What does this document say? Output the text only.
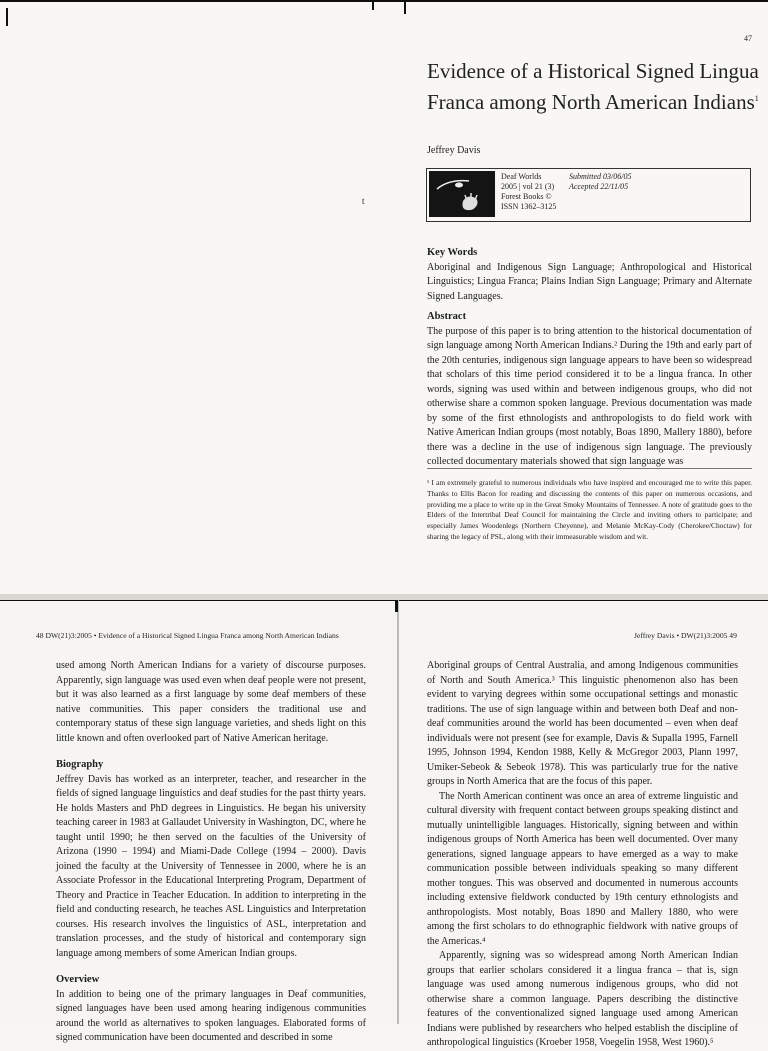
47
Evidence of a Historical Signed Lingua
Franca among North American Indians$^1$
Jeffrey Davis
t
Deaf Worlds
2005 | vol 21 (3)
Forest Books ©
ISSN 1362–3125
Submitted 03/06/05
Accepted 22/11/05
Key Words
Aboriginal and Indigenous Sign Language; Anthropological and Historical Linguistics; Lingua Franca; Plains Indian Sign Language; Primary and Alternate Signed Languages.
Abstract
The purpose of this paper is to bring attention to the historical documentation of sign language among North American Indians.² During the 19th and early part of the 20th centuries, indigenous sign language appears to have been so widespread that scholars of this time period considered it to be a lingua franca. In other words, signing was used within and between indigenous groups, who did not otherwise share a common spoken language. Previous documentation was made by some of the first ethnologists and anthropologists to do field work with Native American Indian groups (most notably, Boas 1890, Mallery 1880), before there was a decline in the use of indigenous sign language. The previously collected documentary materials showed that sign language was
¹ I am extremely grateful to numerous individuals who have inspired and encouraged me to write this paper. Thanks to Ellis Bacon for reading and discussing the contents of this paper on numerous occasions, and providing me a place to write up in the Great Smoky Mountains of Tennessee. A note of gratitude goes to the Elders of the Intertribal Deaf Council for maintaining the Circle and inviting others to participate; and especially James Woodenlegs (Northern Cheyenne), and Melanie McKay-Cody (Cherokee/Choctaw) for sharing the legacy of PSL, along with their immeasurable wisdom and wit.
48 DW(21)3:2005 • Evidence of a Historical Signed Lingua Franca among North American Indians	Jeffrey Davis • DW(21)3:2005 49

used among North American Indians for a variety of discourse purposes. Apparently, sign language was used even when deaf people were not present, but it was also learned as a first language by some deaf members of these native communities. This paper considers the traditional use and contemporary status of these sign language varieties, and sheds light on this little known and often overlooked part of Native American heritage.

Biography

Jeffrey Davis has worked as an interpreter, teacher, and researcher in the fields of signed language linguistics and deaf studies for the past thirty years. He holds Masters and PhD degrees in Linguistics. He began his university teaching career in 1983 at Gallaudet University in Washington, DC, where he taught until 1990; he then served on the faculties of the University of Arizona (1990 – 1994) and Miami-Dade College (1994 – 2000). Davis joined the faculty at the University of Tennessee in 2000, where he is an Associate Professor in the Educational Interpreting Program, Department of Theory and Practice in Teacher Education. In addition to interpreting in the field and conducting research, he teaches ASL Linguistics and Interpretation courses. His research involves the linguistics of ASL, interpretation and translation processes, and the study of historical and contemporary sign language among members of some American Indian groups.

Overview

In addition to being one of the primary languages in Deaf communities, signed languages have been used among hearing indigenous communities around the world as alternatives to spoken languages. Elaborated forms of signed communication have been documented and described in some

Aboriginal groups of Central Australia, and among Indigenous communities of North and South America.³ This linguistic phenomenon also has been evident to varying degrees within some occupational settings and monastic traditions. The use of sign language within and between both Deaf and non-deaf communities around the world has been documented – even when deaf individuals were not present (see for example, Davis & Supalla 1995, Farnell 1995, Johnson 1994, Kendon 1988, Kelly & McGregor 2003, Plann 1997, Umiker-Sebeok & Sebeok 1978). This was particularly true for the native groups in North America that are the focus of this paper.

The North American continent was once an area of extreme linguistic and cultural diversity with frequent contact between groups speaking distinct and mutually unintelligible languages. Historically, signing between and within indigenous groups of North America has been well documented. Over many generations, signed language appears to have emerged as a way to make communication possible between individuals speaking so many different mother tongues. This was observed and documented in numerous accounts including extensive fieldwork conducted by 19th century ethnologists and anthropologists. Most notably, Boas 1890 and Mallery 1880, who were among the first scholars to do ethnographic fieldwork with native groups of the Americas.⁴

Apparently, signing was so widespread among North American Indian groups that earlier scholars considered it a lingua franca – that is, sign language was used among numerous indigenous groups, who did not otherwise share a common language. Papers describing the distinctive features of the conventionalized signed language used among American Indians were published by researchers who helped establish the discipline of anthropological linguistics (Kroeber 1958, Voegelin 1958, West 1960).⁵
